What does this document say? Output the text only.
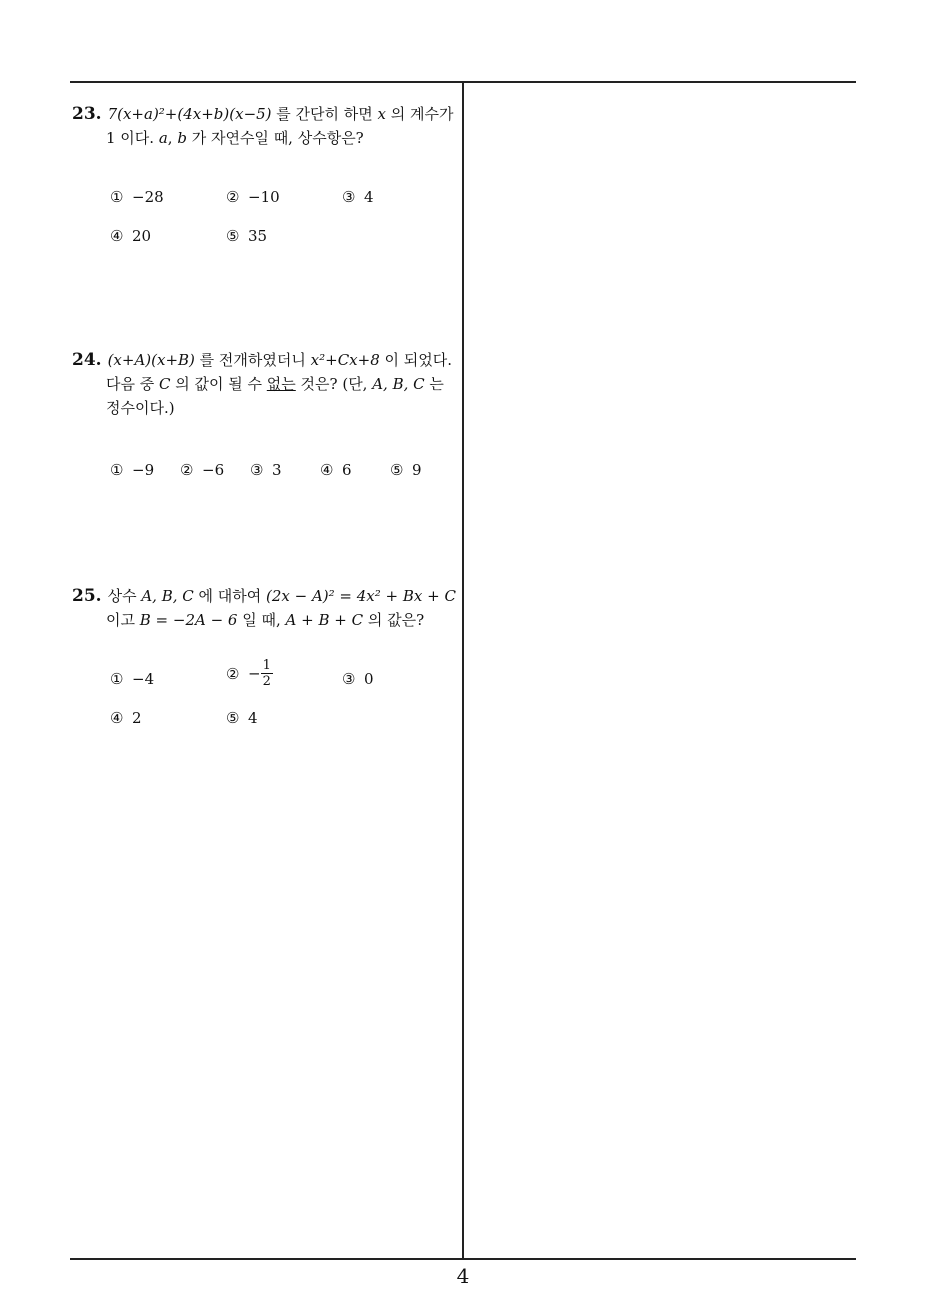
23. 7(x+a)²+(4x+b)(x−5) 를 간단히 하면 x 의 계수가
1 이다. a, b 가 자연수일 때, 상수항은?
① −28	② −10	③ 4
④ 20	⑤ 35
24. (x+A)(x+B) 를 전개하였더니 x²+Cx+8 이 되었다.
다음 중 C 의 값이 될 수 없는 것은? (단, A, B, C 는
정수이다.)
① −9 ② −6 ③ 3	④ 6	⑤ 9
25. 상수 A, B, C 에 대하여 (2x − A)² = 4x² + Bx + C
이고 B = −2A − 6 일 때, A + B + C 의 값은?
① −4	② − $\frac{1}{2}$	③ 0
④ 2	⑤ 4
4
